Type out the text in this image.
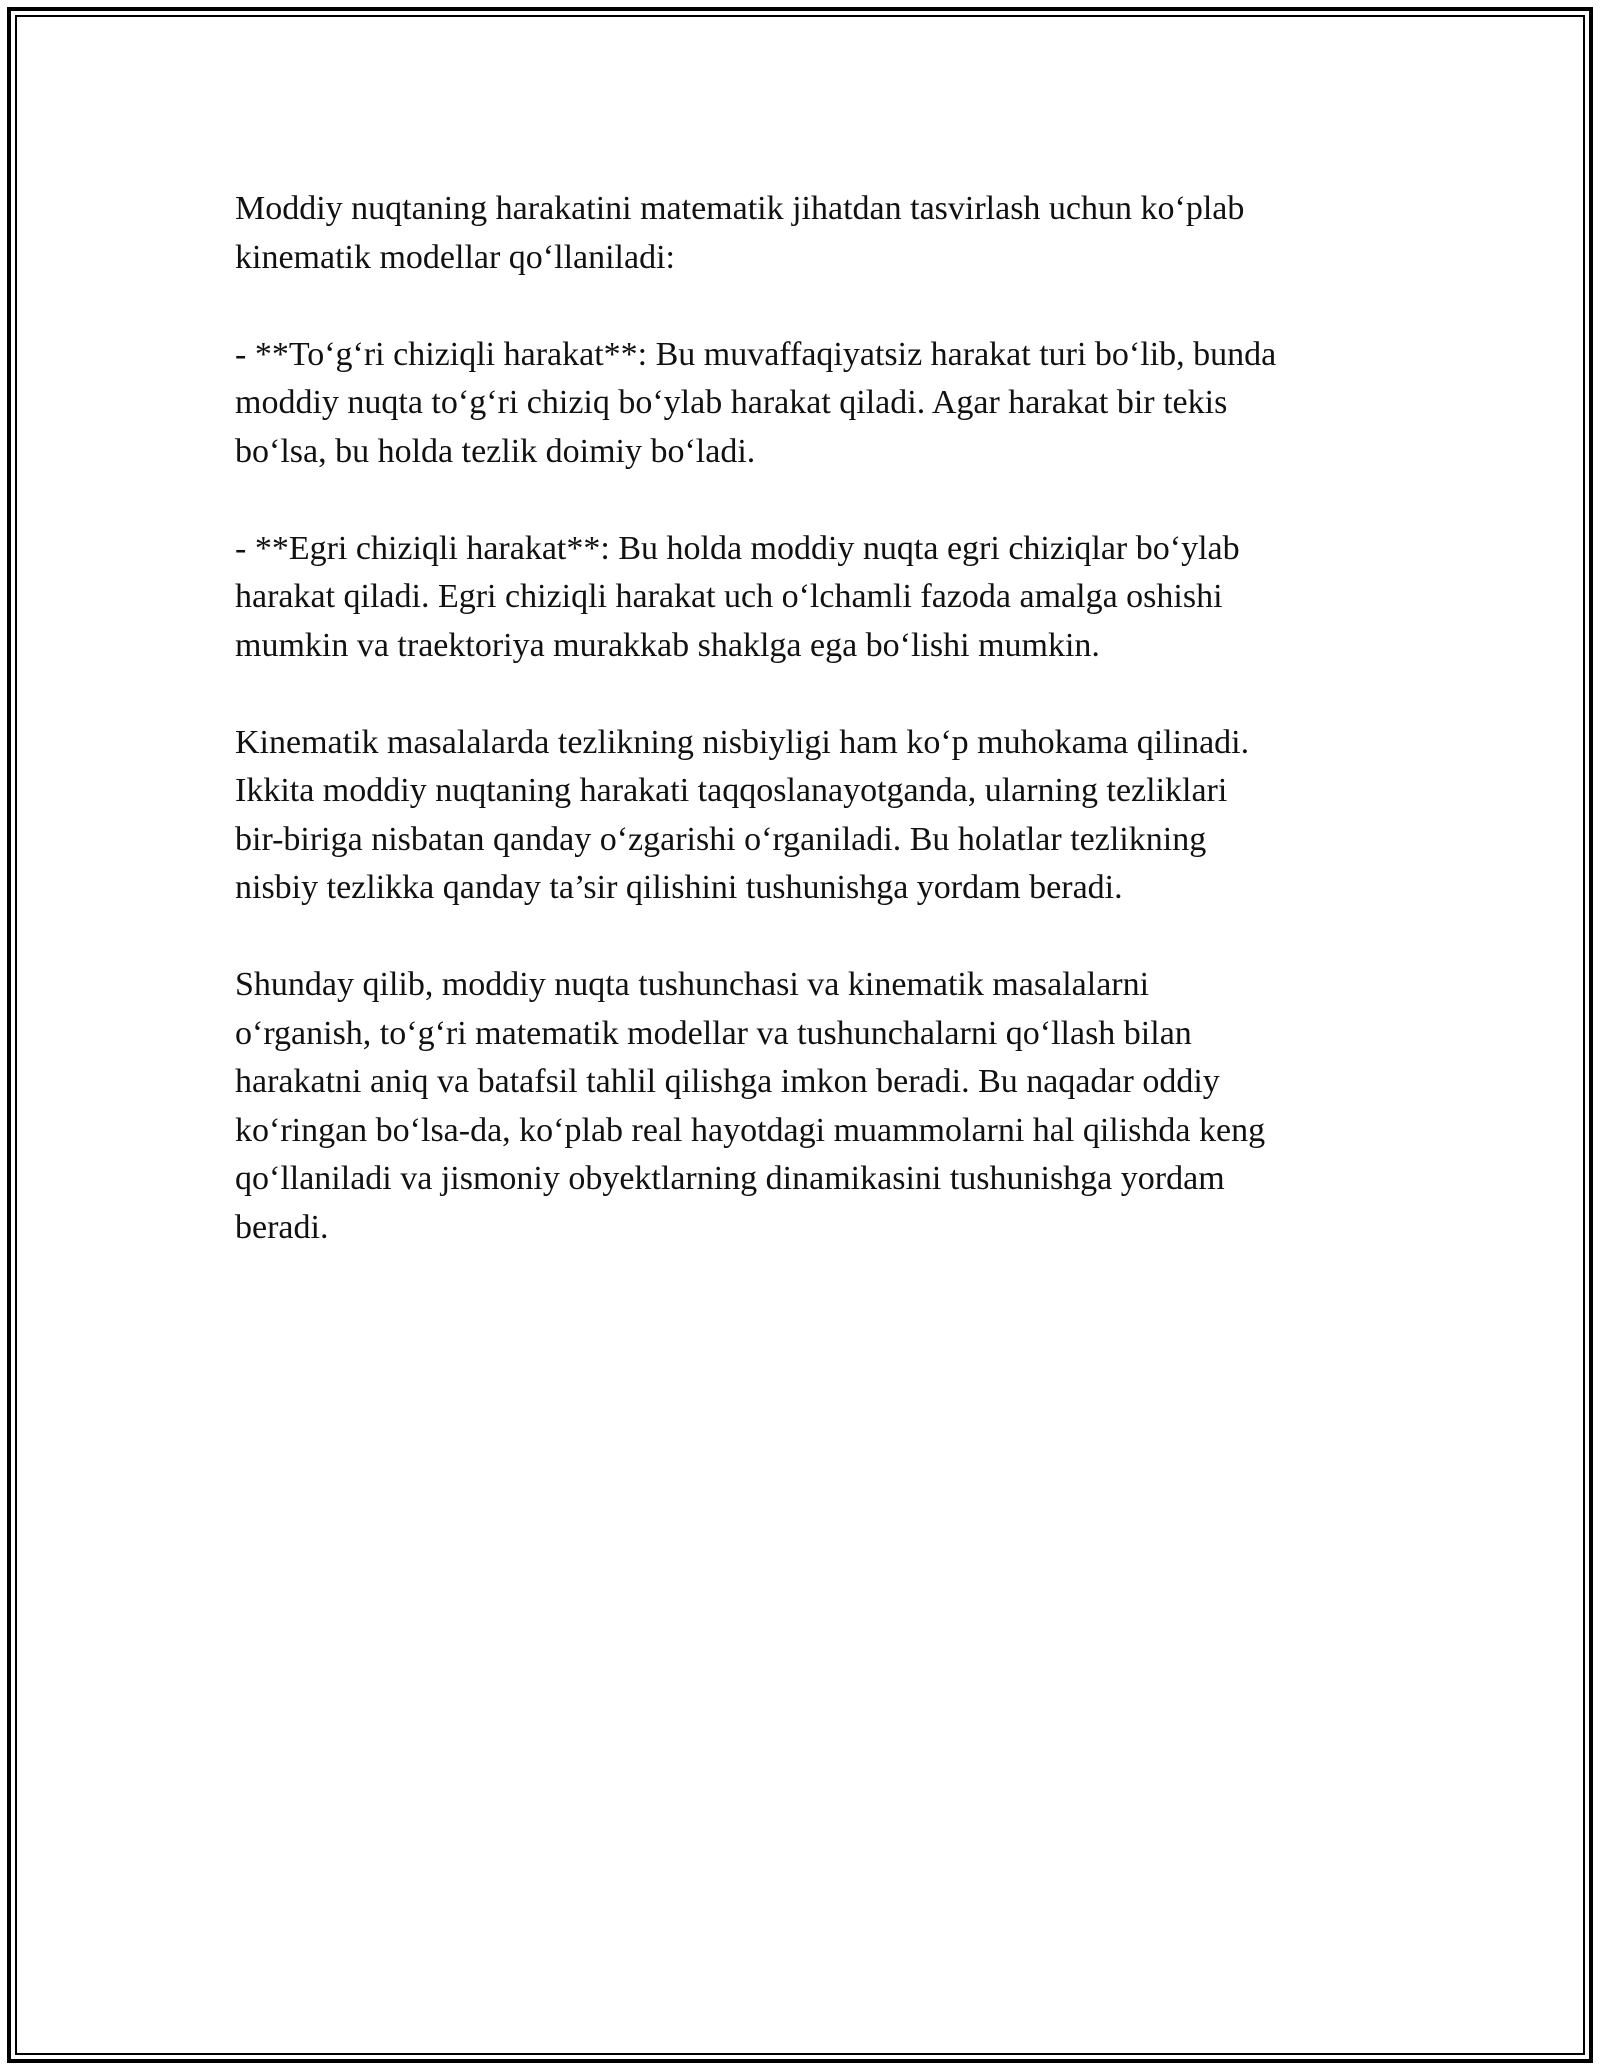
Moddiy nuqtaning harakatini matematik jihatdan tasvirlash uchun ko‘plab
kinematik modellar qo‘llaniladi:

- **To‘g‘ri chiziqli harakat**: Bu muvaffaqiyatsiz harakat turi bo‘lib, bunda
moddiy nuqta to‘g‘ri chiziq bo‘ylab harakat qiladi. Agar harakat bir tekis
bo‘lsa, bu holda tezlik doimiy bo‘ladi.

- **Egri chiziqli harakat**: Bu holda moddiy nuqta egri chiziqlar bo‘ylab
harakat qiladi. Egri chiziqli harakat uch o‘lchamli fazoda amalga oshishi
mumkin va traektoriya murakkab shaklga ega bo‘lishi mumkin.

Kinematik masalalarda tezlikning nisbiyligi ham ko‘p muhokama qilinadi.
Ikkita moddiy nuqtaning harakati taqqoslanayotganda, ularning tezliklari
bir-biriga nisbatan qanday o‘zgarishi o‘rganiladi. Bu holatlar tezlikning
nisbiy tezlikka qanday ta’sir qilishini tushunishga yordam beradi.

Shunday qilib, moddiy nuqta tushunchasi va kinematik masalalarni
o‘rganish, to‘g‘ri matematik modellar va tushunchalarni qo‘llash bilan
harakatni aniq va batafsil tahlil qilishga imkon beradi. Bu naqadar oddiy
ko‘ringan bo‘lsa-da, ko‘plab real hayotdagi muammolarni hal qilishda keng
qo‘llaniladi va jismoniy obyektlarning dinamikasini tushunishga yordam
beradi.
